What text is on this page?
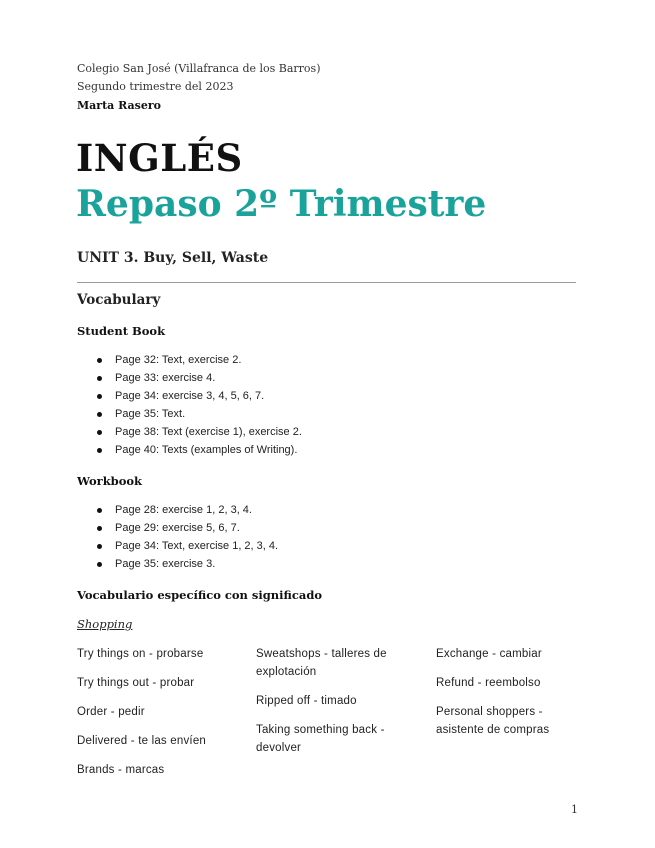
Colegio San José (Villafranca de los Barros)
Segundo trimestre del 2023
Marta Rasero
INGLÉS
Repaso 2º Trimestre
UNIT 3. Buy, Sell, Waste
Vocabulary
Student Book
Page 32: Text, exercise 2.
Page 33: exercise 4.
Page 34: exercise 3, 4, 5, 6, 7.
Page 35: Text.
Page 38: Text (exercise 1), exercise 2.
Page 40: Texts (examples of Writing).
Workbook
Page 28: exercise 1, 2, 3, 4.
Page 29: exercise 5, 6, 7.
Page 34: Text, exercise 1, 2, 3, 4.
Page 35: exercise 3.
Vocabulario específico con significado
Shopping
Try things on - probarse
Try things out - probar
Order - pedir
Delivered - te las envíen
Brands - marcas
Sweatshops - talleres de explotación
Ripped off - timado
Taking something back - devolver
Exchange - cambiar
Refund - reembolso
Personal shoppers - asistente de compras
1
